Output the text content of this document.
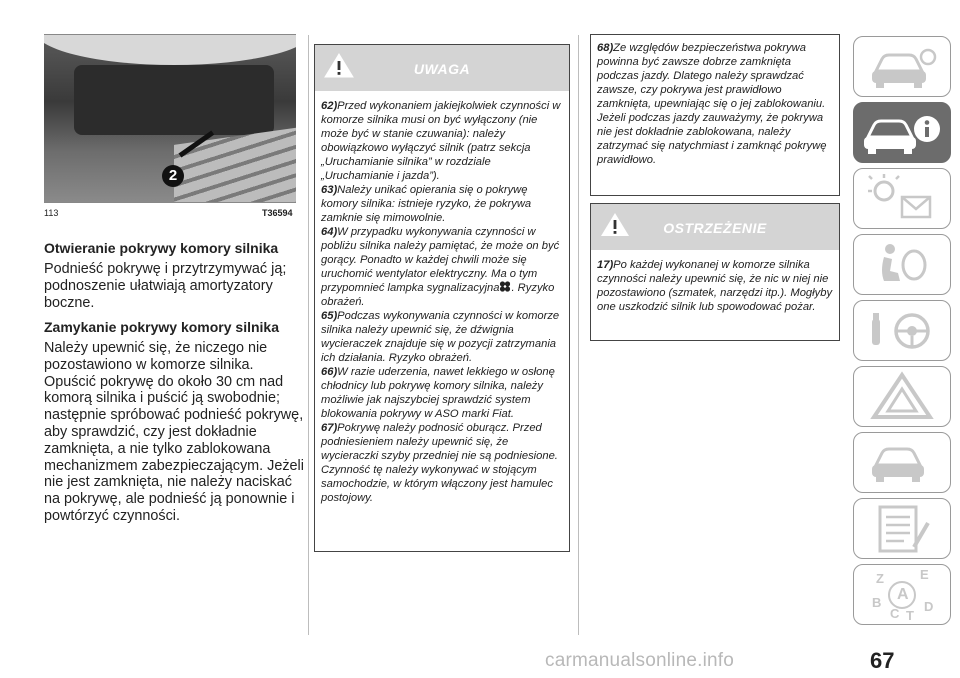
2
113	T36594
Otwieranie pokrywy komory silnika

Podnieść pokrywę i przytrzymywać ją; podnoszenie ułatwiają amortyzatory boczne.

Zamykanie pokrywy komory silnika

Należy upewnić się, że niczego nie pozostawiono w komorze silnika. Opuścić pokrywę do około 30 cm nad komorą silnika i puścić ją swobodnie; następnie spróbować podnieść pokrywę, aby sprawdzić, czy jest dokładnie zamknięta, a nie tylko zablokowana mechanizmem zabezpieczającym. Jeżeli nie jest zamknięta, nie należy naciskać na pokrywę, ale podnieść ją ponownie i powtórzyć czynności.

UWAGA

62)Przed wykonaniem jakiejkolwiek czynności w komorze silnika musi on być wyłączony (nie może być w stanie czuwania): należy obowiązkowo wyłączyć silnik (patrz sekcja „Uruchamianie silnika” w rozdziale „Uruchamianie i jazda”).

63)Należy unikać opierania się o pokrywę komory silnika: istnieje ryzyko, że pokrywa zamknie się mimowolnie.

64)W przypadku wykonywania czynności w pobliżu silnika należy pamiętać, że może on być gorący. Ponadto w każdej chwili może się uruchomić wentylator elektryczny. Ma o tym przypomnieć lampka sygnalizacyjna . Ryzyko obrażeń.

65)Podczas wykonywania czynności w komorze silnika należy upewnić się, że dźwignia wycieraczek znajduje się w pozycji zatrzymania ich działania. Ryzyko obrażeń.

66)W razie uderzenia, nawet lekkiego w osłonę chłodnicy lub pokrywę komory silnika, należy możliwie jak najszybciej sprawdzić system blokowania pokrywy w ASO marki Fiat.

67)Pokrywę należy podnosić oburącz. Przed podniesieniem należy upewnić się, że wycieraczki szyby przedniej nie są podniesione. Czynność tę należy wykonywać w stojącym samochodzie, w którym włączony jest hamulec postojowy.

68)Ze względów bezpieczeństwa pokrywa powinna być zawsze dobrze zamknięta podczas jazdy. Dlatego należy sprawdzać zawsze, czy pokrywa jest prawidłowo zamknięta, upewniając się o jej zablokowaniu. Jeżeli podczas jazdy zauważymy, że pokrywa nie jest dokładnie zablokowana, należy zatrzymać się natychmiast i zamknąć pokrywę prawidłowo.

OSTRZEŻENIE

17)Po każdej wykonanej w komorze silnika czynności należy upewnić się, że nic w niej nie pozostawiono (szmatek, narzędzi itp.). Mogłyby one uszkodzić silnik lub spowodować pożar.

Z	E
A
B
C T
D
67
carmanualsonline.info
